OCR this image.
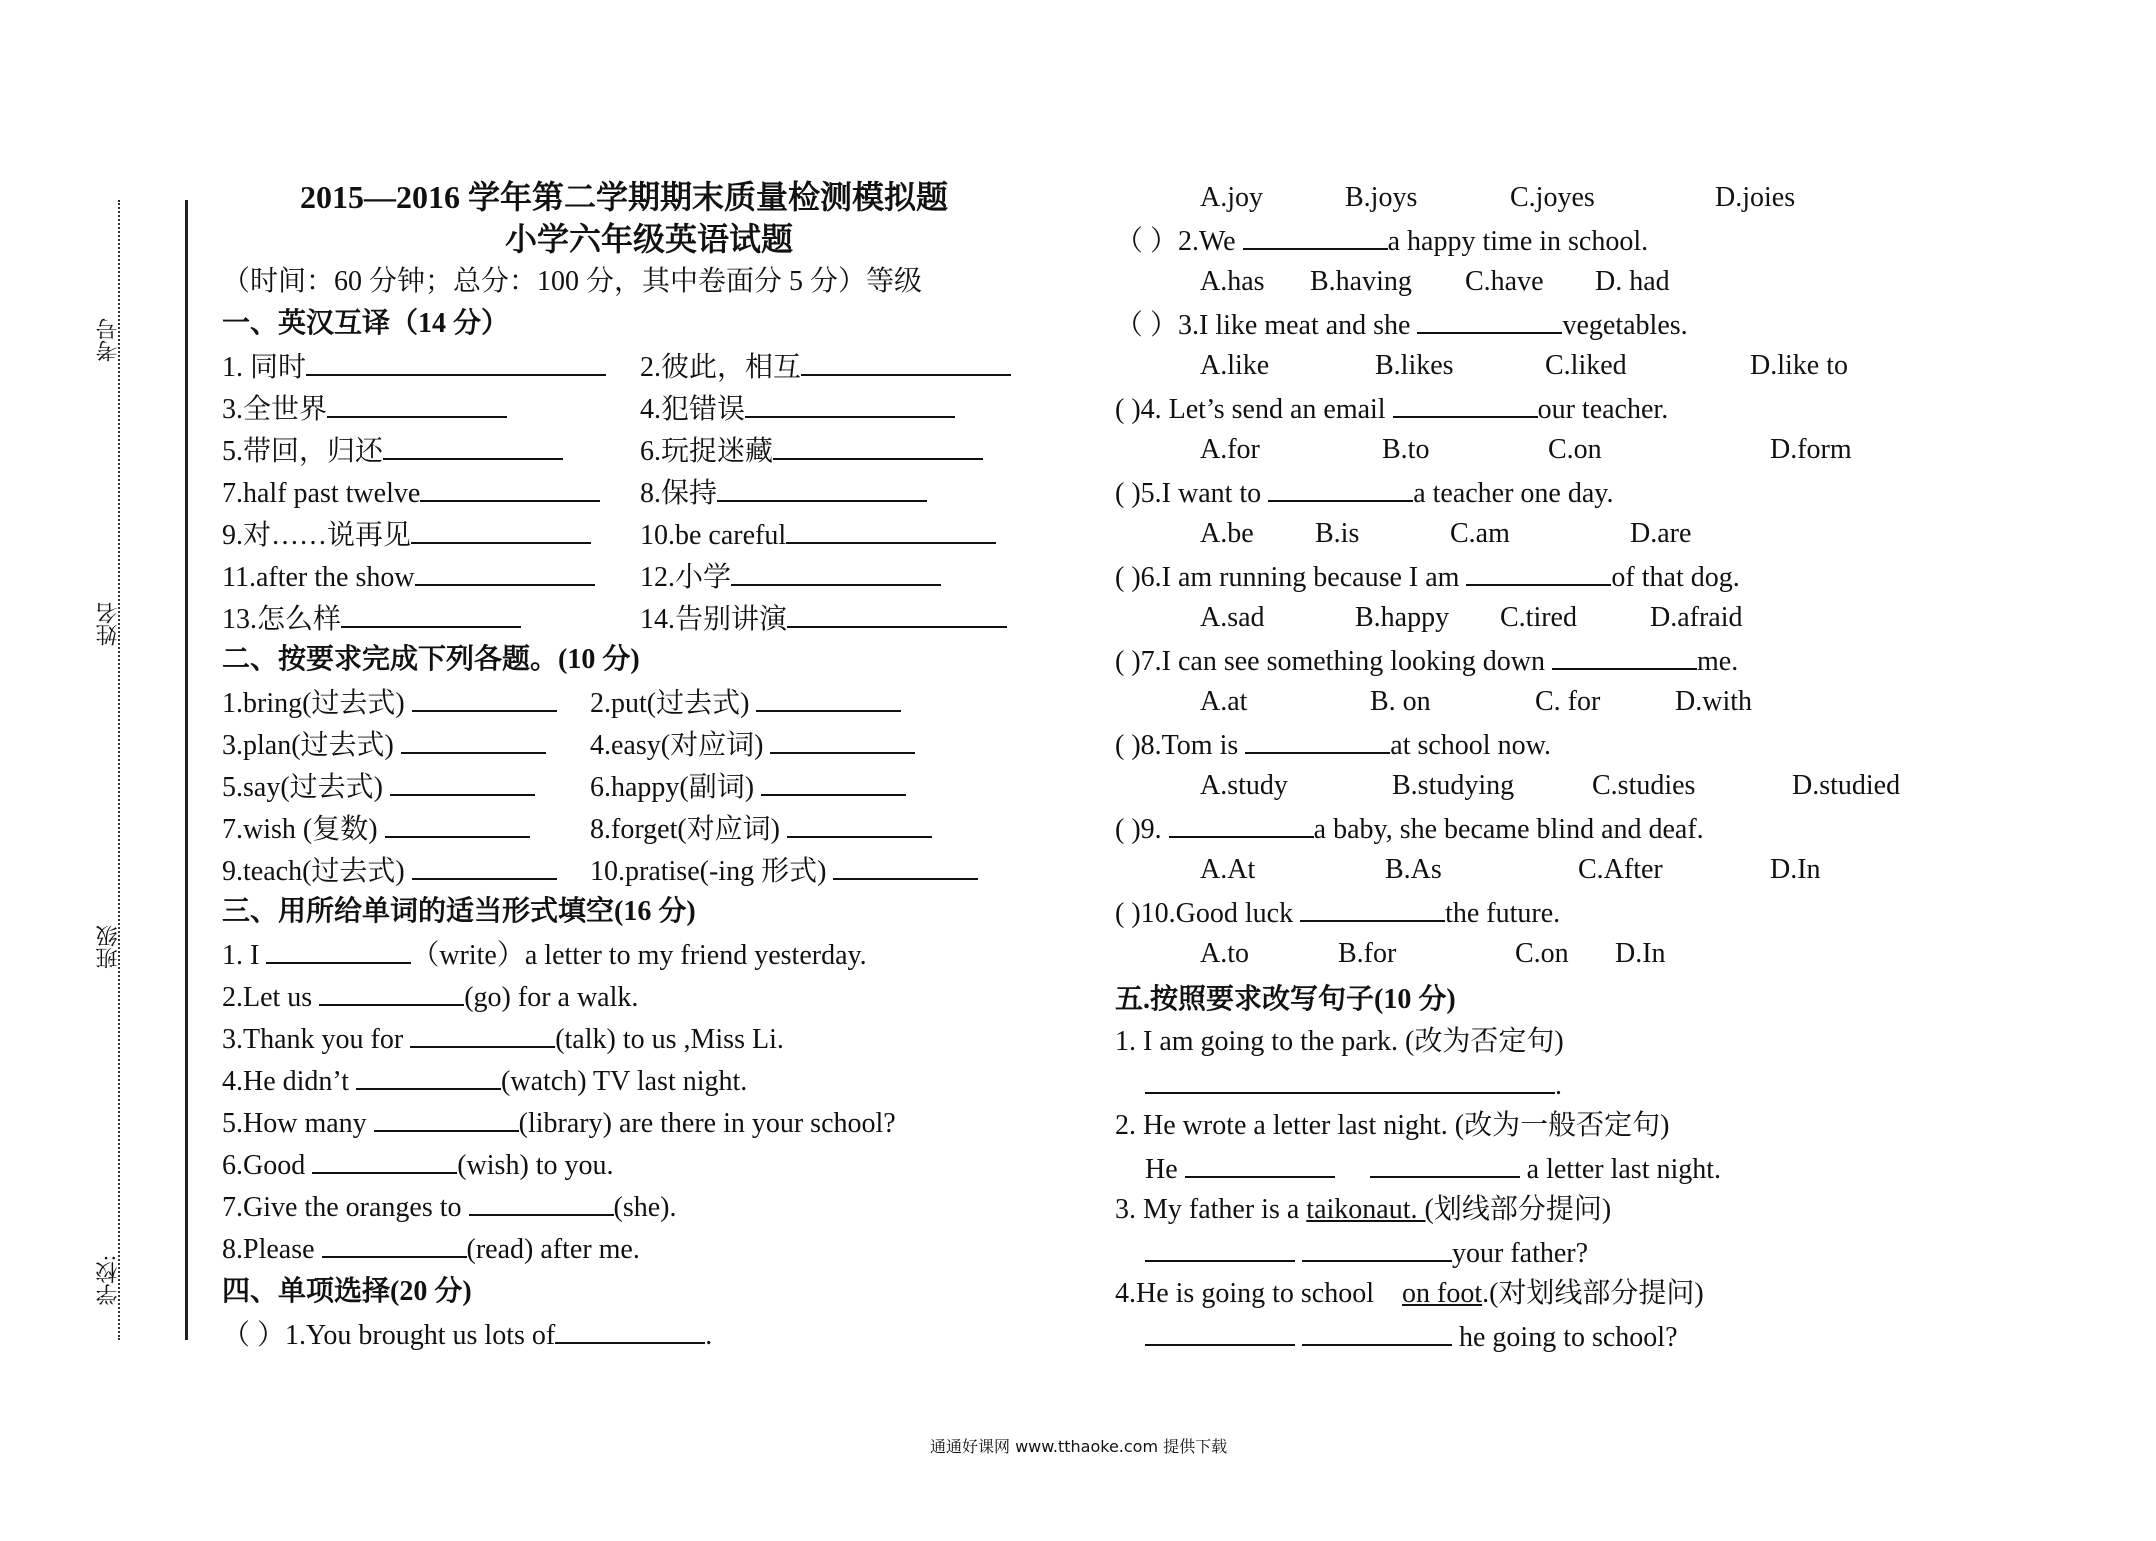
考号
姓名
班级
学校:
2015—2016 学年第二学期期末质量检测模拟题
小学六年级英语试题
（时间：60 分钟；总分：100 分，其中卷面分 5 分）等级
一、英汉互译（14 分）
1. 同时	2.彼此，相互
3.全世界	4.犯错误
5.带回，归还	6.玩捉迷藏
7.half past twelve	8.保持
9.对……说再见	10.be careful
11.after the show	12.小学
13.怎么样	14.告别讲演
二、按要求完成下列各题。(10 分)
1.bring(过去式)	2.put(过去式)
3.plan(过去式)	4.easy(对应词)
5.say(过去式)	6.happy(副词)
7.wish (复数)	8.forget(对应词)
9.teach(过去式)	10.pratise(-ing 形式)
三、用所给单词的适当形式填空(16 分)
1. I	（write）a letter to my friend yesterday.
2.Let us	(go) for a walk.
3.Thank you for	(talk) to us ,Miss Li.
4.He didn’t	(watch) TV last night.
5.How many	(library) are there in your school?
6.Good	(wish) to you.
7.Give the oranges to	(she).
8.Please	(read) after me.
四、单项选择(20 分)
（ ）1.You brought us lots of	.
A.joy	B.joys	C.joyes	D.joies
（ ）2.We	a happy time in school.
A.has B.having C.have D. had
（ ）3.I like meat and she	vegetables.
A.like	B.likes	C.liked	D.like to
( )4. Let’s send an email	our teacher.
A.for	B.to	C.on	D.form
( )5.I want to	a teacher one day.
A.be B.is	C.am	D.are
( )6.I am running because I am	of that dog.
A.sad	B.happy C.tired	D.afraid
( )7.I can see something looking down	me.
A.at	B. on	C. for	D.with
( )8.Tom is	at school now.
A.study	B.studying	C.studies	D.studied
( )9.	a baby, she became blind and deaf.
A.At	B.As	C.After	D.In
( )10.Good luck	the future.
A.to	B.for	C.on D.In
五.按照要求改写句子(10 分)
1. I am going to the park. (改为否定句)
.
2. He wrote a letter last night. (改为一般否定句)
He	a letter last night.
3. My father is a taikonaut. (划线部分提问)
your father?
4.He is going to school on foot.(对划线部分提问)
he going to school?
通通好课网 www.tthaoke.com 提供下载
